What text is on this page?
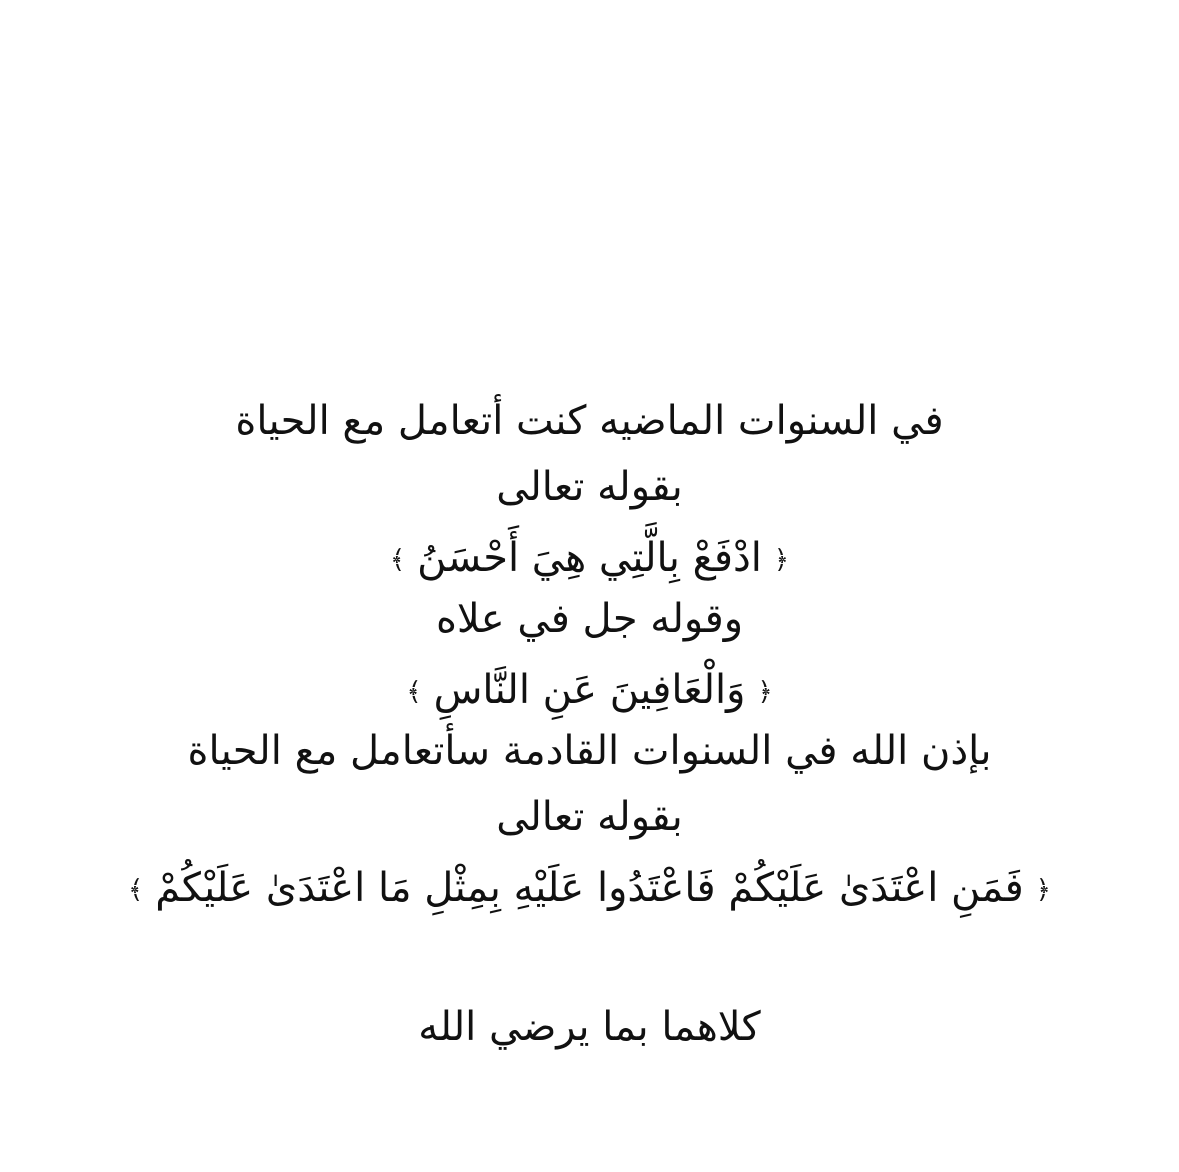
في السنوات الماضيه كنت أتعامل مع الحياة
بقوله تعالى
﴿
ادْفَعْ بِالَّتِي هِيَ أَحْسَنُ
﴾
وقوله جل في علاه
﴿
وَالْعَافِينَ عَنِ النَّاسِ
﴾
بإذن الله في السنوات القادمة سأتعامل مع الحياة
بقوله تعالى
﴿
فَمَنِ اعْتَدَىٰ عَلَيْكُمْ فَاعْتَدُوا عَلَيْهِ بِمِثْلِ مَا اعْتَدَىٰ عَلَيْكُمْ
﴾
كلاهما بما يرضي الله
